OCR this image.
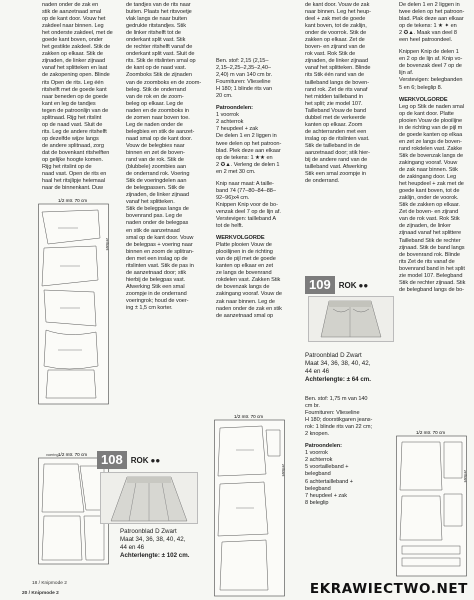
naden onder de zak en

stik de aanzetnaad smal

op de kant door. Vouw het

zakdeel naar binnen. Leg

het onderste zakdeel, met de

goede kant boven, onder

het gestikte zakdeel. Stik de

zakken op elkaar. Stik de

zijnaden, de linker zijnaad

vanaf het splitteken en laat

de zakopening open. Blinde

rits Open de rits. Leg één

ritshelft met de goede kant

naar beneden op de goede

kant en leg de tandjes

tegen de patroonlijn van de

splitnaad. Rijg het ritslint

op de naad vast. Sluit de

rits. Leg de andere ritshelft

op dezelfde wijze langs

de andere splitnaad, zorg

dat de bovenkant ritshelften

op gelijke hoogte komen.

Rijg het ritslint op de

naad vast. Open de rits en

haal het ritsjlipje helemaal

naar de binnenkant. Duw

de tandjes van de rits naar

buiten. Plaats het ritsvoetje

vlak langs de naar buiten

gedrukte ritstandjes. Stik

de linker ritshelft tot de

onderkant split vast. Stik

de rechter ritshelft vanaf de

onderkant split vast. Sluit de

rits. Stik de ritslinten smal op

de kant op de naad vast.

Zoomboks Stik de zijnaden

van de zoomboks en de zoom-

beleg. Stik de onderrand

van de rok en de zoom-

beleg op elkaar. Leg de

naden en de zoomboks in

de zomen naar boven toe.

Leg de naden onder de

belegbies en stik de aanzet-

naad smal op de kant door.

Vouw de belegbies naar

binnen en zet de boven-

rand van de rok. Stik de

(blubbele) zoombies aan

de onderrand rok. Voering

Stik de voeringdelen aan

de belegpassen. Stik de

zijnaden, de linker zijnaad

vanaf het splitteken.

Stik de belegpas langs de

bovenrand pas. Leg de

naden onder de belegpas

en stik de aanzetnaad

smal op de kant door. Vouw

de belegpas + voering naar

binnen en zoom de splitran-

den met een inslag op de

ritslinten vast. Stik de pas in

de aanzetnaad door; stik

hierbij de belegpas vast.

Afwerking Stik een smal

zoompje in de onderrand

voeringrok; houd de voer-

ing ± 1,5 cm korter.

Ben. stof: 2,15 (2,15–

2,15–2,25–2,35–2,40–

2,40) m van 140 cm br.

Fournituren: Vlieseline

H 180; 1 blinde rits van

20 cm.

Patroondelen:

1 voorrok

2 achterrok

7 heupdeel + zak

De delen 1 en 2 liggen in

twee delen op het patroon-

blad. Plek deze aan elkaar

op de tekens: 1 ★★ en

2 ✪▲. Verleng de delen 1

en 2 met 30 cm.

Knip naar maat: A taille-

band 74 (77–80–84–88–

92–96)x4 cm.

Knippen Knip voor de bo-

venzak deel 7 op de lijn af.

Verstevigen: tailleband A

tot de helft.

WERKVOLGORDE

Platte plooien Vouw de

plooilijnen in de richting

van de pijl met de goede

kanten op elkaar en zet

ze langs de bovenrand

rokdelen vast. Zakken Stik

de bovenzak langs de

zakingang vooraf. Vouw de

zak naar binnen. Leg de

naden onder de zak en stik

de aanzetnaad smal op

de kant door. Vouw de zak

naar binnen. Leg het heup-

deel + zak met de goede

kant boven, tot de zaklijn,

onder de voorrok. Stik de

zakken op elkaar. Zet de

boven- en zijrand van de

rok vast. Rok Stik de

zijnaden, de linker zijnaad

vanaf het splitteken. Blinde

rits Stik één rand van de

tailleband langs de boven-

rand rok. Zet de rits vanaf

het midden tailleband in

het split; zie model 107.

Tailleband Vouw de band

dubbel met de verkeerde

kanten op elkaar. Zoom

de achterranden met een

inslag op de ritslinten vast.

Stik de tailleband in de

aanzetnaad door; stik hier-

bij de andere rand van de

tailleband vast. Afwerking

Stik een smal zoompje in

de onderrand.

De delen 1 en 2 liggen in

twee delen op het patroon-

blad. Plak deze aan elkaar

op de tekens: 1 ★ ✦ en

2 ✪▲. Maak van deel 8

een heel patroondeel.

Knippen Knip de delen 1

en 2 op de lijn af. Knip vo-

de bovenzak deel 7 op de

lijn af.

Verstevigen: belegbanden

5 en 6; beleglip 8.

WERKVOLGORDE

Leg op Stik de naden smal

op de kant door. Platte

plooien Vouw de plooilijne

in de richting van de pijl m

de goede kanten op elkaa

en zet ze langs de boven-

rand rokdelen vast. Zakke

Stik de bovenzak langs de

zakingang vooraf. Vouw

de zak naar binnen. Stik

de zakingang door. Leg

het heupdeel + zak met de

goede kant boven, tot de

zaklijn, onder de voorok.

Stik de zakken op elkaar.

Zet de boven- en zijrand

van de rok vast. Rok Stik

de zijnaden, de linker

zijnaad vanaf het splittere

Tailleband Stik de rechter

zijnaad. Stik de band langs

de bovenrand rok. Blinde

rits Zet de rits vanaf de

bovenrand band in het split

zie model 107. Belegband

Stik de rechter zijnaad. Stik

de belegband langs de bo-

1/2 mtr. 70 cm
zelfkant
1/2 mtr. 70 cm
voering	108	ROK ●●
Patroonblad D Zwart
Maat 34, 36, 38, 40, 42,
44 en 46
Achterlengte: ± 102 cm.
1/2 mtr. 70 cm
zelfkant
109	ROK ●●
Patroonblad D Zwart
Maat 34, 36, 38, 40, 42,
44 en 46
Achterlengte: ± 64 cm.

Ben. stof: 1,75 m van 140

cm br.

Fournituren: Vlieseline

H 180; doorstikgaren jeans-

rok: 1 blinde rits van 22 cm;

2 knopen.

Patroondelen:

1 voorrok

2 achterrok

5 voortailleband +

belegband

6 achtertailleband +

belegband

7 heupdeel + zak

8 beleglip

1/2 mtr. 70 cm
zelfkant
18 / Knipmode 2
20 / Knipmode 2	EKRAWIECTWO.NET
